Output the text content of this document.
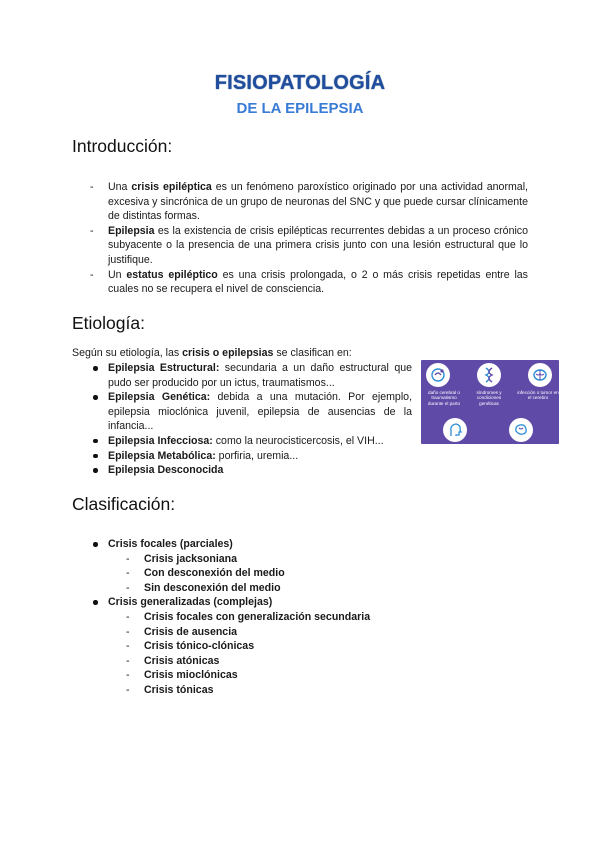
FISIOPATOLOGÍA
DE LA EPILEPSIA
Introducción:
- Una crisis epiléptica es un fenómeno paroxístico originado por una actividad anormal, excesiva y sincrónica de un grupo de neuronas del SNC y que puede cursar clínicamente de distintas formas.
- Epilepsia es la existencia de crisis epilépticas recurrentes debidas a un proceso crónico subyacente o la presencia de una primera crisis junto con una lesión estructural que lo justifique.
- Un estatus epiléptico es una crisis prolongada, o 2 o más crisis repetidas entre las cuales no se recupera el nivel de consciencia.
Etiología:
Según su etiología, las crisis o epilepsias se clasifican en:
Epilepsia Estructural: secundaria a un daño estructural que pudo ser producido por un ictus, traumatismos...
Epilepsia Genética: debida a una mutación. Por ejemplo, epilepsia mioclónica juvenil, epilepsia de ausencias de la infancia...
Epilepsia Infecciosa: como la neurocisticercosis, el VIH...
Epilepsia Metabólica: porfiria, uremia...
Epilepsia Desconocida
daño cerebral o traumatismo durante el parto
síndromes y condiciones genéticas
infección o tumor en el cerebro
Clasificación:
Crisis focales (parciales)
- Crisis jacksoniana
- Con desconexión del medio
- Sin desconexión del medio
Crisis generalizadas (complejas)
- Crisis focales con generalización secundaria
- Crisis de ausencia
- Crisis tónico-clónicas
- Crisis atónicas
- Crisis mioclónicas
- Crisis tónicas
